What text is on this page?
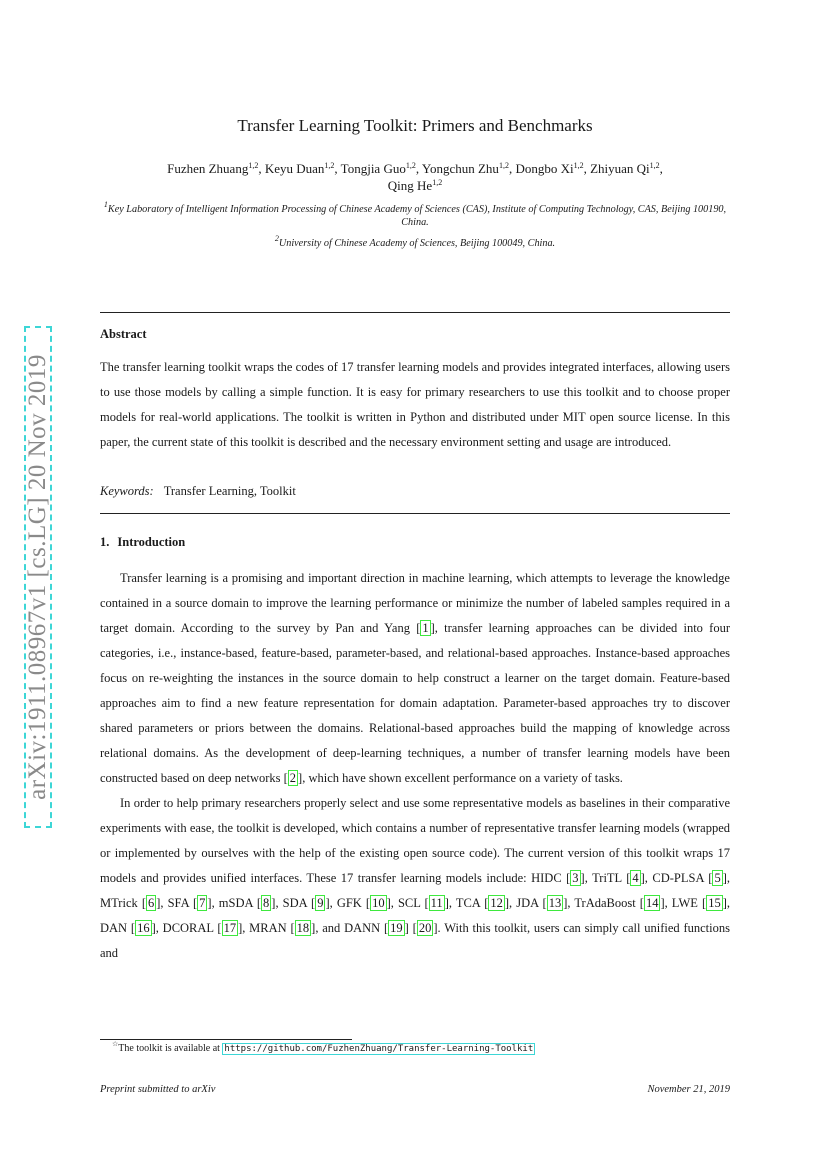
arXiv:1911.08967v1 [cs.LG] 20 Nov 2019
Transfer Learning Toolkit: Primers and Benchmarks
Fuzhen Zhuang$^{1,2}$, Keyu Duan$^{1,2}$, Tongjia Guo$^{1,2}$, Yongchun Zhu$^{1,2}$, Dongbo Xi$^{1,2}$, Zhiyuan Qi$^{1,2}$,
Qing He$^{1,2}$
$^1$Key Laboratory of Intelligent Information Processing of Chinese Academy of Sciences (CAS), Institute of Computing Technology, CAS, Beijing 100190, China.
$^2$University of Chinese Academy of Sciences, Beijing 100049, China.
Abstract

The transfer learning toolkit wraps the codes of 17 transfer learning models and provides integrated interfaces, allowing users to use those models by calling a simple function. It is easy for primary researchers to use this toolkit and to choose proper models for real-world applications. The toolkit is written in Python and distributed under MIT open source license. In this paper, the current state of this toolkit is described and the necessary environment setting and usage are introduced.

Keywords: Transfer Learning, Toolkit
1. Introduction

Transfer learning is a promising and important direction in machine learning, which attempts to leverage the knowledge contained in a source domain to improve the learning performance or minimize the number of labeled samples required in a target domain. According to the survey by Pan and Yang [ 1 ], transfer learning approaches can be divided into four categories, i.e., instance-based, feature-based, parameter-based, and relational-based approaches. Instance-based approaches focus on re-weighting the instances in the source domain to help construct a learner on the target domain. Feature-based approaches aim to find a new feature representation for domain adaptation. Parameter-based approaches try to discover shared parameters or priors between the domains. Relational-based approaches build the mapping of knowledge across relational domains. As the development of deep-learning techniques, a number of transfer learning models have been constructed based on deep networks [ 2 ], which have shown excellent performance on a variety of tasks.

In order to help primary researchers properly select and use some representative models as baselines in their comparative experiments with ease, the toolkit is developed, which contains a number of representative transfer learning models (wrapped or implemented by ourselves with the help of the existing open source code). The current version of this toolkit wraps 17 models and provides unified interfaces. These 17 transfer learning models include: HIDC [ 3 ], TriTL [ 4 ], CD-PLSA [ 5 ], MTrick [ 6 ], SFA [ 7 ], mSDA [ 8 ], SDA [ 9 ], GFK [ 10 ], SCL [ 11 ], TCA [ 12 ], JDA [ 13 ], TrAdaBoost [ 14 ], LWE [ 15 ], DAN [ 16 ], DCORAL [ 17 ], MRAN [ 18 ], and DANN [ 19 ] [ 20 ]. With this toolkit, users can simply call unified functions and

☆The toolkit is available at https://github.com/FuzhenZhuang/Transfer-Learning-Toolkit
Preprint submitted to arXiv	November 21, 2019
